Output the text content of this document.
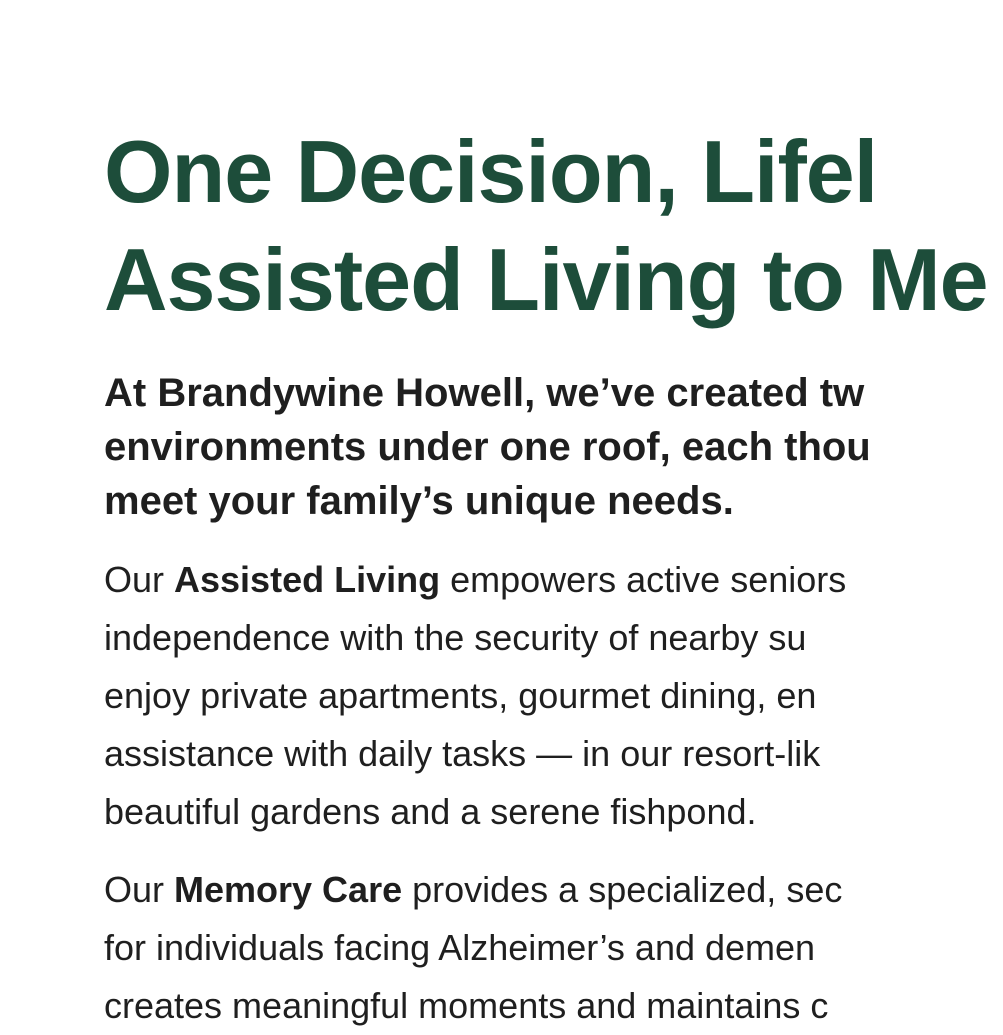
One Decision, Lifel
Assisted Living to Me

At Brandywine Howell, we’ve created tw
environments under one roof, each thou
meet your family’s unique needs.

Our Assisted Living empowers active seniors
independence with the security of nearby su
enjoy private apartments, gourmet dining, en
assistance with daily tasks — in our resort-lik
beautiful gardens and a serene fishpond.

Our Memory Care provides a specialized, sec
for individuals facing Alzheimer’s and demen
creates meaningful moments and maintains c
